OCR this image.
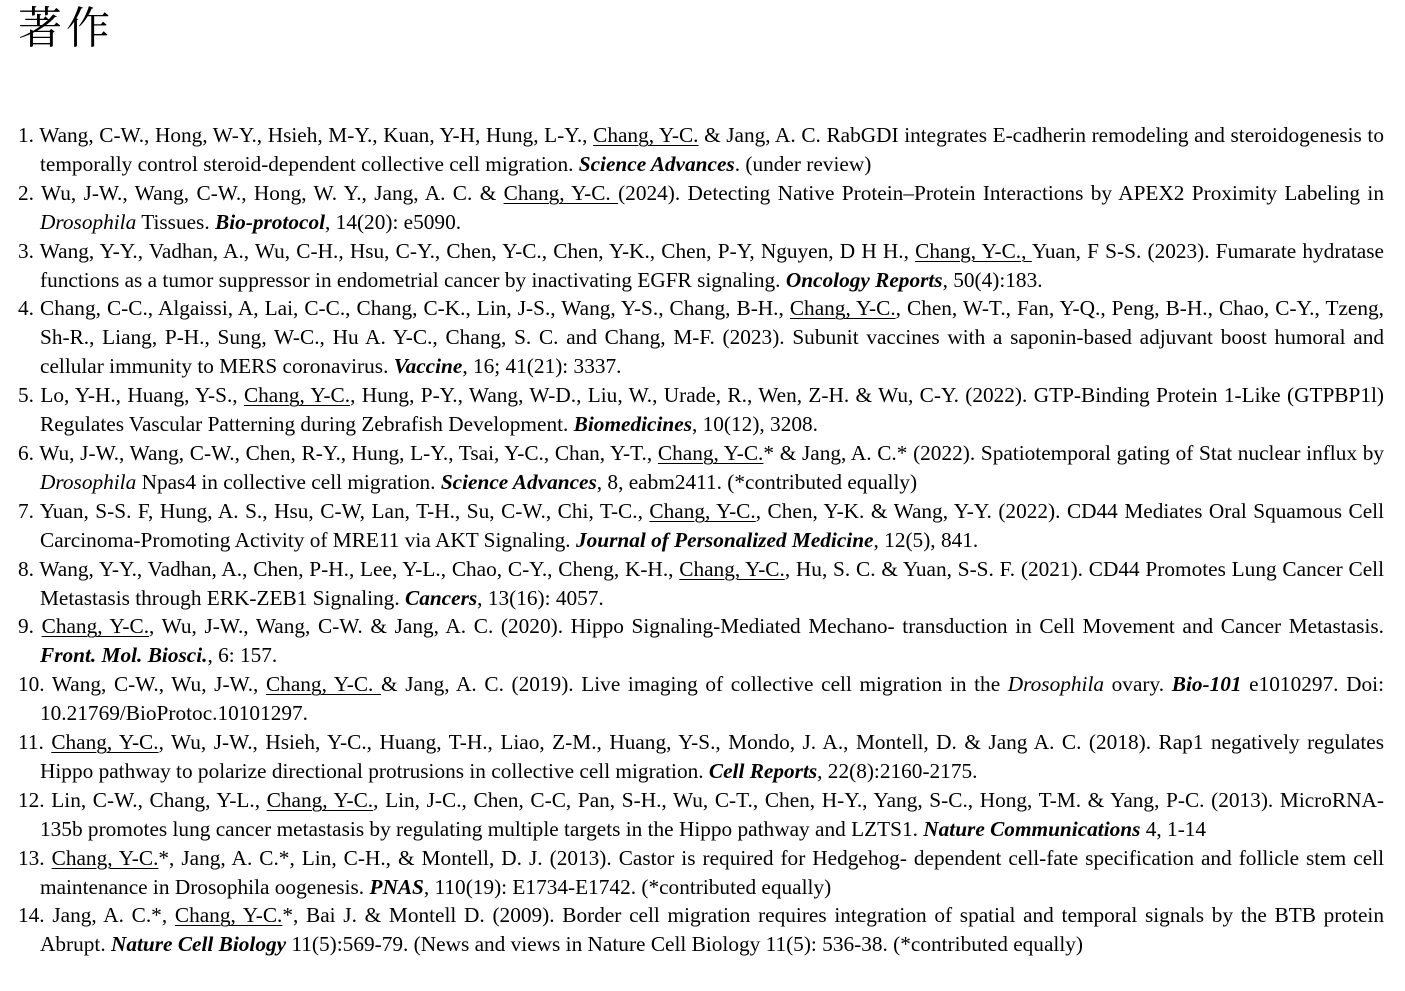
著作
1. Wang, C-W., Hong, W-Y., Hsieh, M-Y., Kuan, Y-H, Hung, L-Y., Chang, Y-C. & Jang, A. C. RabGDI integrates E-cadherin remodeling and steroidogenesis to temporally control steroid-dependent collective cell migration. Science Advances. (under review)
2. Wu, J-W., Wang, C-W., Hong, W. Y., Jang, A. C. & Chang, Y-C. (2024). Detecting Native Protein–Protein Interactions by APEX2 Proximity Labeling in Drosophila Tissues. Bio-protocol, 14(20): e5090.
3. Wang, Y-Y., Vadhan, A., Wu, C-H., Hsu, C-Y., Chen, Y-C., Chen, Y-K., Chen, P-Y, Nguyen, D H H., Chang, Y-C., Yuan, F S-S. (2023). Fumarate hydratase functions as a tumor suppressor in endometrial cancer by inactivating EGFR signaling. Oncology Reports, 50(4):183.
4. Chang, C-C., Algaissi, A, Lai, C-C., Chang, C-K., Lin, J-S., Wang, Y-S., Chang, B-H., Chang, Y-C., Chen, W-T., Fan, Y-Q., Peng, B-H., Chao, C-Y., Tzeng, Sh-R., Liang, P-H., Sung, W-C., Hu A. Y-C., Chang, S. C. and Chang, M-F. (2023). Subunit vaccines with a saponin-based adjuvant boost humoral and cellular immunity to MERS coronavirus. Vaccine, 16; 41(21): 3337.
5. Lo, Y-H., Huang, Y-S., Chang, Y-C., Hung, P-Y., Wang, W-D., Liu, W., Urade, R., Wen, Z-H. & Wu, C-Y. (2022). GTP-Binding Protein 1-Like (GTPBP1l) Regulates Vascular Patterning during Zebrafish Development. Biomedicines, 10(12), 3208.
6. Wu, J-W., Wang, C-W., Chen, R-Y., Hung, L-Y., Tsai, Y-C., Chan, Y-T., Chang, Y-C.* & Jang, A. C.* (2022). Spatiotemporal gating of Stat nuclear influx by Drosophila Npas4 in collective cell migration. Science Advances, 8, eabm2411. (*contributed equally)
7. Yuan, S-S. F, Hung, A. S., Hsu, C-W, Lan, T-H., Su, C-W., Chi, T-C., Chang, Y-C., Chen, Y-K. & Wang, Y-Y. (2022). CD44 Mediates Oral Squamous Cell Carcinoma-Promoting Activity of MRE11 via AKT Signaling. Journal of Personalized Medicine, 12(5), 841.
8. Wang, Y-Y., Vadhan, A., Chen, P-H., Lee, Y-L., Chao, C-Y., Cheng, K-H., Chang, Y-C., Hu, S. C. & Yuan, S-S. F. (2021). CD44 Promotes Lung Cancer Cell Metastasis through ERK-ZEB1 Signaling. Cancers, 13(16): 4057.
9. Chang, Y-C., Wu, J-W., Wang, C-W. & Jang, A. C. (2020). Hippo Signaling-Mediated Mechano- transduction in Cell Movement and Cancer Metastasis. Front. Mol. Biosci., 6: 157.
10. Wang, C-W., Wu, J-W., Chang, Y-C. & Jang, A. C. (2019). Live imaging of collective cell migration in the Drosophila ovary. Bio-101 e1010297. Doi: 10.21769/BioProtoc.10101297.
11. Chang, Y-C., Wu, J-W., Hsieh, Y-C., Huang, T-H., Liao, Z-M., Huang, Y-S., Mondo, J. A., Montell, D. & Jang A. C. (2018). Rap1 negatively regulates Hippo pathway to polarize directional protrusions in collective cell migration. Cell Reports, 22(8):2160-2175.
12. Lin, C-W., Chang, Y-L., Chang, Y-C., Lin, J-C., Chen, C-C, Pan, S-H., Wu, C-T., Chen, H-Y., Yang, S-C., Hong, T-M. & Yang, P-C. (2013). MicroRNA-135b promotes lung cancer metastasis by regulating multiple targets in the Hippo pathway and LZTS1. Nature Communications 4, 1-14
13. Chang, Y-C.*, Jang, A. C.*, Lin, C-H., & Montell, D. J. (2013). Castor is required for Hedgehog- dependent cell-fate specification and follicle stem cell maintenance in Drosophila oogenesis. PNAS, 110(19): E1734-E1742. (*contributed equally)
14. Jang, A. C.*, Chang, Y-C.*, Bai J. & Montell D. (2009). Border cell migration requires integration of spatial and temporal signals by the BTB protein Abrupt. Nature Cell Biology 11(5):569-79. (News and views in Nature Cell Biology 11(5): 536-38. (*contributed equally)
